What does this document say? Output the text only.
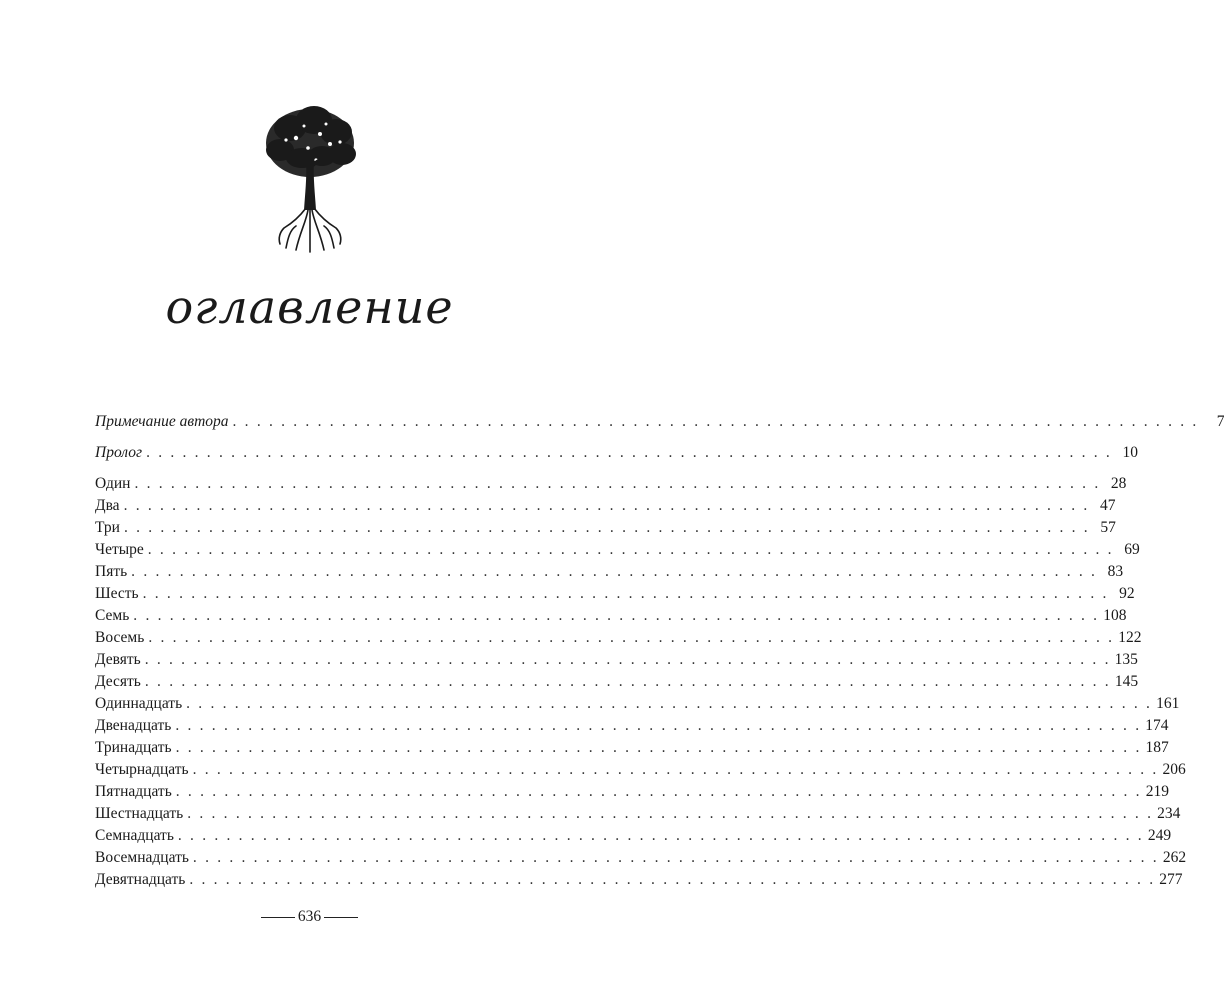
оглавление
Примечание автора . . . . . . . . . . . . . . . . . . . . . . . . . . . . . . . . . . . . . . . . . . . . . . . . . . . . . . . . . . . . . . . . . . . . . . . . . . . . . . . .	7
Пролог . . . . . . . . . . . . . . . . . . . . . . . . . . . . . . . . . . . . . . . . . . . . . . . . . . . . . . . . . . . . . . . . . . . . . . . . . . . . . . . . 10
Один . . . . . . . . . . . . . . . . . . . . . . . . . . . . . . . . . . . . . . . . . . . . . . . . . . . . . . . . . . . . . . . . . . . . . . . . . . . . . . . . 28
Два . . . . . . . . . . . . . . . . . . . . . . . . . . . . . . . . . . . . . . . . . . . . . . . . . . . . . . . . . . . . . . . . . . . . . . . . . . . . . . . . 47
Три . . . . . . . . . . . . . . . . . . . . . . . . . . . . . . . . . . . . . . . . . . . . . . . . . . . . . . . . . . . . . . . . . . . . . . . . . . . . . . . . 57
Четыре . . . . . . . . . . . . . . . . . . . . . . . . . . . . . . . . . . . . . . . . . . . . . . . . . . . . . . . . . . . . . . . . . . . . . . . . . . . . . . . . 69
Пять . . . . . . . . . . . . . . . . . . . . . . . . . . . . . . . . . . . . . . . . . . . . . . . . . . . . . . . . . . . . . . . . . . . . . . . . . . . . . . . . 83
Шесть . . . . . . . . . . . . . . . . . . . . . . . . . . . . . . . . . . . . . . . . . . . . . . . . . . . . . . . . . . . . . . . . . . . . . . . . . . . . . . . . 92
Семь . . . . . . . . . . . . . . . . . . . . . . . . . . . . . . . . . . . . . . . . . . . . . . . . . . . . . . . . . . . . . . . . . . . . . . . . . . . . . . . . 108
Восемь . . . . . . . . . . . . . . . . . . . . . . . . . . . . . . . . . . . . . . . . . . . . . . . . . . . . . . . . . . . . . . . . . . . . . . . . . . . . . . . . 122
Девять . . . . . . . . . . . . . . . . . . . . . . . . . . . . . . . . . . . . . . . . . . . . . . . . . . . . . . . . . . . . . . . . . . . . . . . . . . . . . . . . 135
Десять . . . . . . . . . . . . . . . . . . . . . . . . . . . . . . . . . . . . . . . . . . . . . . . . . . . . . . . . . . . . . . . . . . . . . . . . . . . . . . . . 145
Одиннадцать . . . . . . . . . . . . . . . . . . . . . . . . . . . . . . . . . . . . . . . . . . . . . . . . . . . . . . . . . . . . . . . . . . . . . . . . . . . . . . . . 161
Двенадцать . . . . . . . . . . . . . . . . . . . . . . . . . . . . . . . . . . . . . . . . . . . . . . . . . . . . . . . . . . . . . . . . . . . . . . . . . . . . . . . . 174
Тринадцать . . . . . . . . . . . . . . . . . . . . . . . . . . . . . . . . . . . . . . . . . . . . . . . . . . . . . . . . . . . . . . . . . . . . . . . . . . . . . . . . 187
Четырнадцать . . . . . . . . . . . . . . . . . . . . . . . . . . . . . . . . . . . . . . . . . . . . . . . . . . . . . . . . . . . . . . . . . . . . . . . . . . . . . . . . 206
Пятнадцать . . . . . . . . . . . . . . . . . . . . . . . . . . . . . . . . . . . . . . . . . . . . . . . . . . . . . . . . . . . . . . . . . . . . . . . . . . . . . . . . 219
Шестнадцать . . . . . . . . . . . . . . . . . . . . . . . . . . . . . . . . . . . . . . . . . . . . . . . . . . . . . . . . . . . . . . . . . . . . . . . . . . . . . . . . 234
Семнадцать . . . . . . . . . . . . . . . . . . . . . . . . . . . . . . . . . . . . . . . . . . . . . . . . . . . . . . . . . . . . . . . . . . . . . . . . . . . . . . . . 249
Восемнадцать . . . . . . . . . . . . . . . . . . . . . . . . . . . . . . . . . . . . . . . . . . . . . . . . . . . . . . . . . . . . . . . . . . . . . . . . . . . . . . . . 262
Девятнадцать . . . . . . . . . . . . . . . . . . . . . . . . . . . . . . . . . . . . . . . . . . . . . . . . . . . . . . . . . . . . . . . . . . . . . . . . . . . . . . . . 277
636
